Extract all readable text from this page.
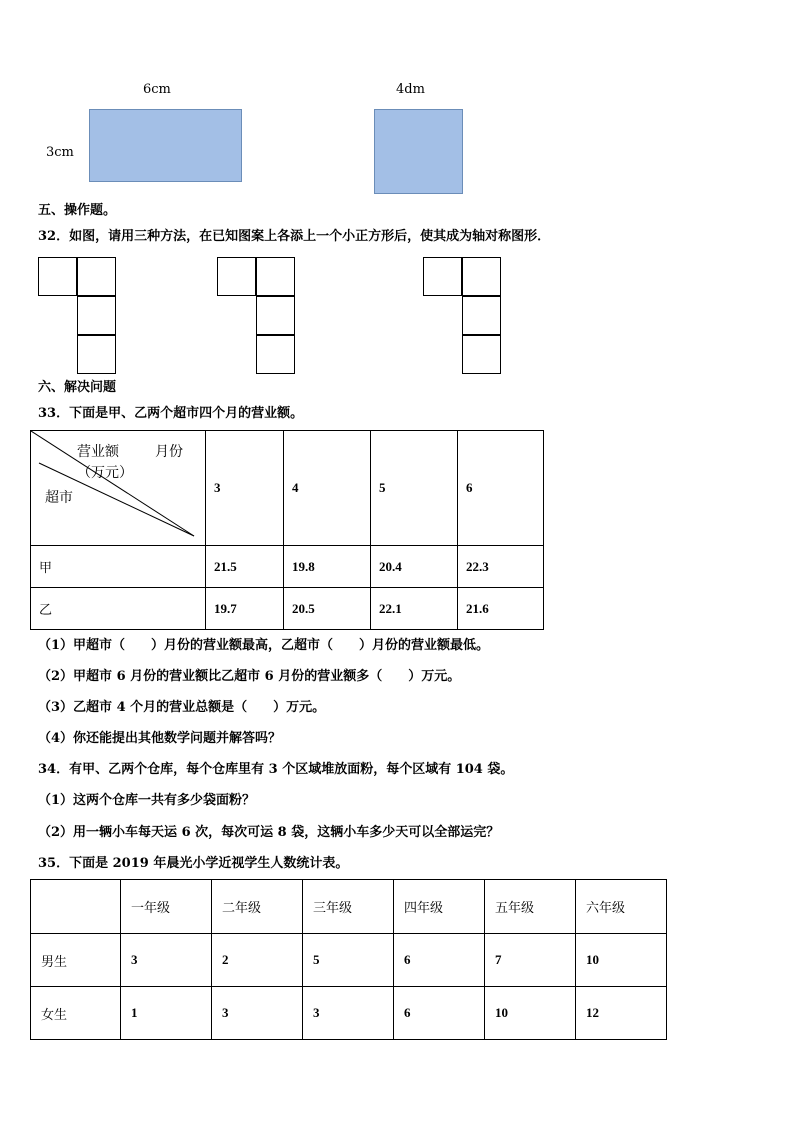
6cm
3cm
4dm
五、操作题。
32．如图，请用三种方法，在已知图案上各添上一个小正方形后，使其成为轴对称图形．
六、解决问题
33．下面是甲、乙两个超市四个月的营业额。
营业额
（万元）
月份
超市	3	4	5	6
甲	21.5	19.8	20.4	22.3
乙	19.7	20.5	22.1	21.6
（1）甲超市（　　）月份的营业额最高，乙超市（　　）月份的营业额最低。
（2）甲超市 6 月份的营业额比乙超市 6 月份的营业额多（　　）万元。
（3）乙超市 4 个月的营业总额是（　　）万元。
（4）你还能提出其他数学问题并解答吗？
34．有甲、乙两个仓库，每个仓库里有 3 个区域堆放面粉，每个区域有 104 袋。
（1）这两个仓库一共有多少袋面粉？
（2）用一辆小车每天运 6 次，每次可运 8 袋，这辆小车多少天可以全部运完？
35．下面是 2019 年晨光小学近视学生人数统计表。
	一年级	二年级	三年级	四年级	五年级	六年级
男生	3	2	5	6	7	10
女生	1	3	3	6	10	12
